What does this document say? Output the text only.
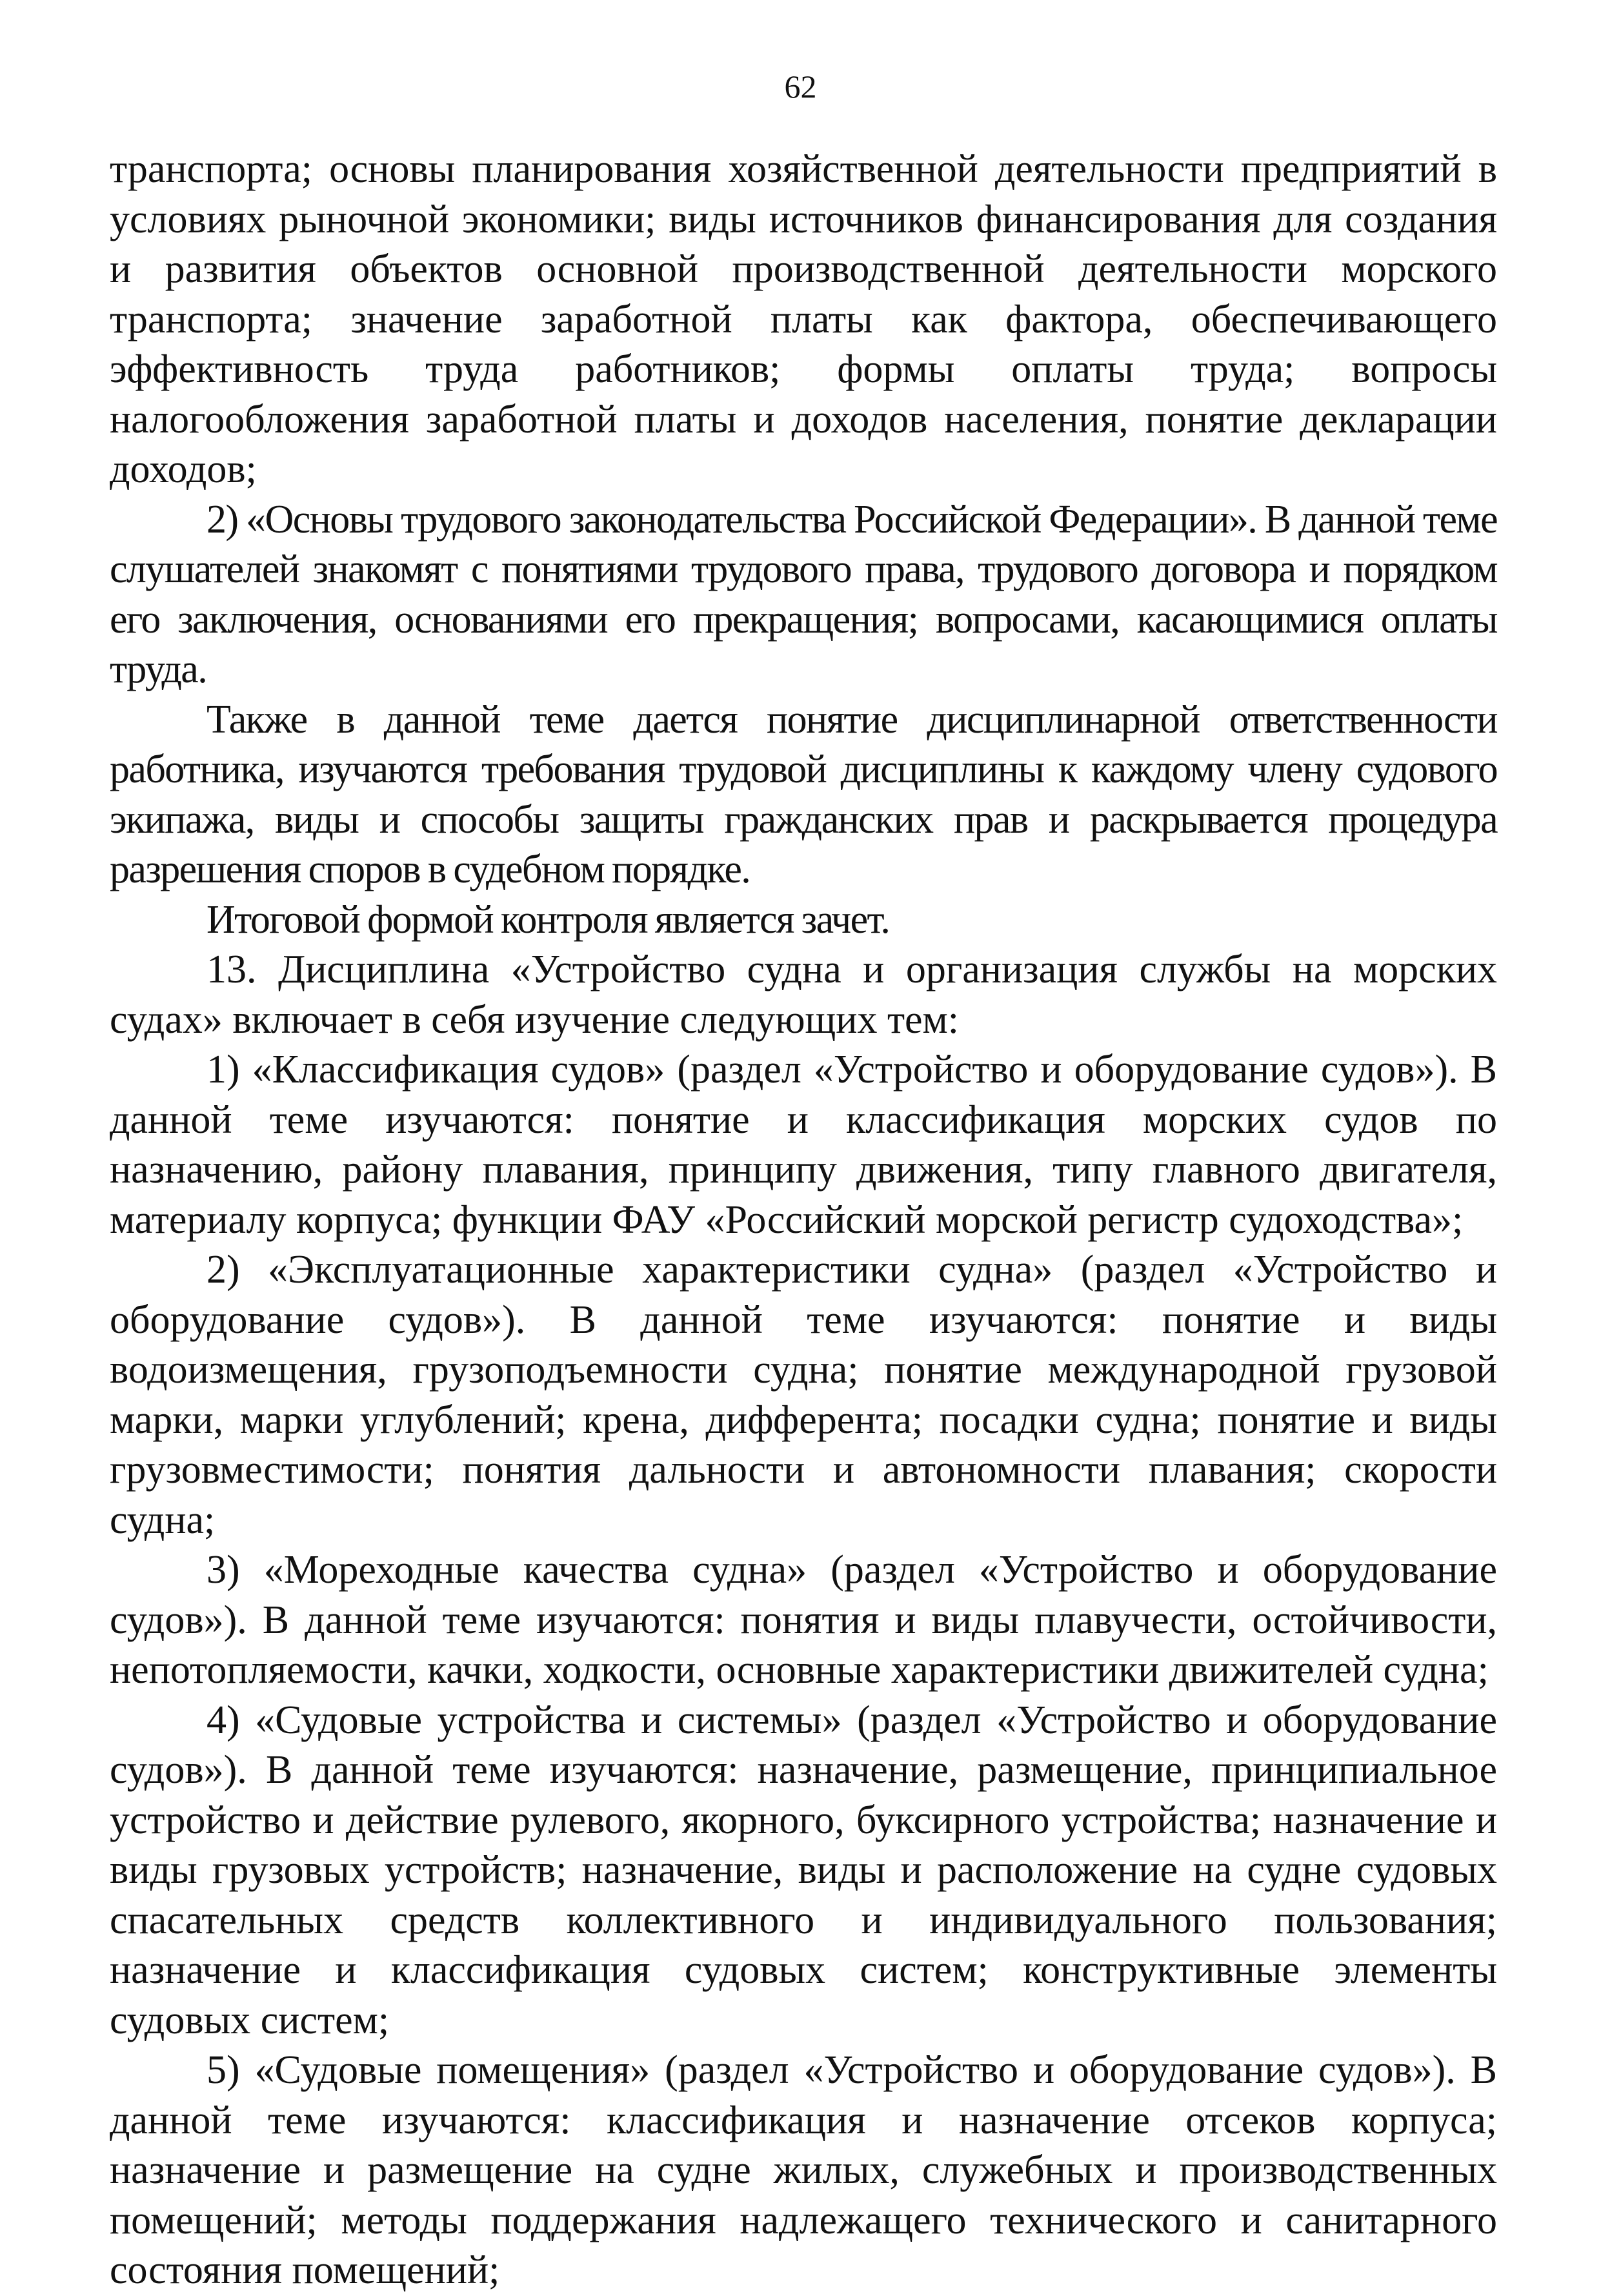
62

транспорта; основы планирования хозяйственной деятельности предприятий в условиях рыночной экономики; виды источников финансирования для создания и развития объектов основной производственной деятельности морского транспорта; значение заработной платы как фактора, обеспечивающего эффективность труда работников; формы оплаты труда; вопросы налогообложения заработной платы и доходов населения, понятие декларации доходов;

2) «Основы трудового законодательства Российской Федерации». В данной теме слушателей знакомят с понятиями трудового права, трудового договора и порядком его заключения, основаниями его прекращения; вопросами, касающимися оплаты труда.

Также в данной теме дается понятие дисциплинарной ответственности работника, изучаются требования трудовой дисциплины к каждому члену судового экипажа, виды и способы защиты гражданских прав и раскрывается процедура разрешения споров в судебном порядке.

Итоговой формой контроля является зачет.

13. Дисциплина «Устройство судна и организация службы на морских судах» включает в себя изучение следующих тем:

1) «Классификация судов» (раздел «Устройство и оборудование судов»). В данной теме изучаются: понятие и классификация морских судов по назначению, району плавания, принципу движения, типу главного двигателя, материалу корпуса; функции ФАУ «Российский морской регистр судоходства»;

2) «Эксплуатационные характеристики судна» (раздел «Устройство и оборудование судов»). В данной теме изучаются: понятие и виды водоизмещения, грузоподъемности судна; понятие международной грузовой марки, марки углублений; крена, дифферента; посадки судна; понятие и виды грузовместимости; понятия дальности и автономности плавания; скорости судна;

3) «Мореходные качества судна» (раздел «Устройство и оборудование судов»). В данной теме изучаются: понятия и виды плавучести, остойчивости, непотопляемости, качки, ходкости, основные характеристики движителей судна;

4) «Судовые устройства и системы» (раздел «Устройство и оборудование судов»). В данной теме изучаются: назначение, размещение, принципиальное устройство и действие рулевого, якорного, буксирного устройства; назначение и виды грузовых устройств; назначение, виды и расположение на судне судовых спасательных средств коллективного и индивидуального пользования; назначение и классификация судовых систем; конструктивные элементы судовых систем;

5) «Судовые помещения» (раздел «Устройство и оборудование судов»). В данной теме изучаются: классификация и назначение отсеков корпуса; назначение и размещение на судне жилых, служебных и производственных помещений; методы поддержания надлежащего технического и санитарного состояния помещений;
